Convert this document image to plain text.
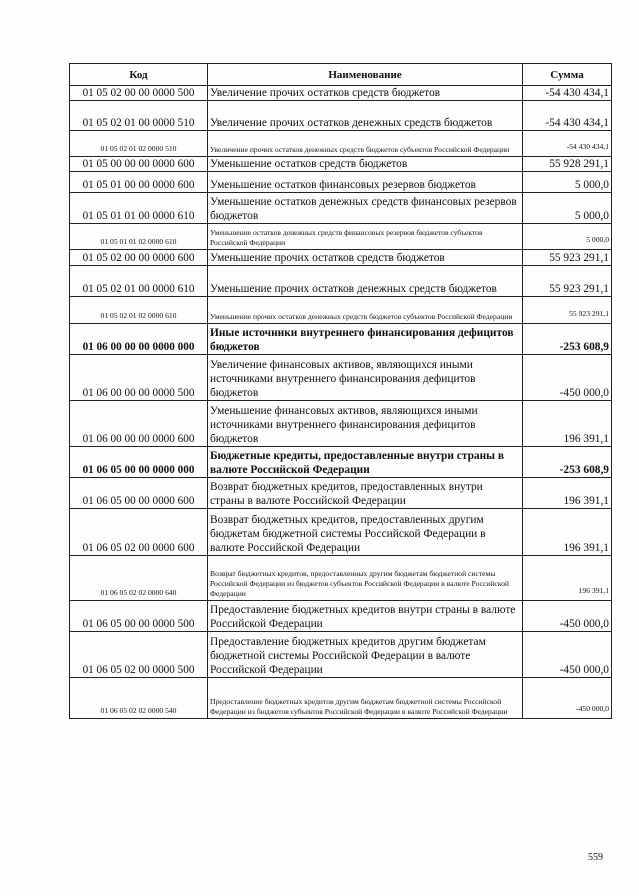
Код	Наименование	Сумма
01 05 02 00 00 0000 500	Увеличение прочих остатков средств бюджетов	-54 430 434,1
01 05 02 01 00 0000 510	Увеличение прочих остатков денежных средств бюджетов	-54 430 434,1
01 05 02 01 02 0000 510	Увеличение прочих остатков денежных средств бюджетов субъектов Российской Федерации	-54 430 434,1
01 05 00 00 00 0000 600	Уменьшение остатков средств бюджетов	55 928 291,1
01 05 01 00 00 0000 600	Уменьшение остатков финансовых резервов бюджетов	5 000,0
01 05 01 01 00 0000 610	Уменьшение остатков денежных средств финансовых резервов бюджетов	5 000,0
01 05 01 01 02 0000 610	Уменьшение остатков денежных средств финансовых резервов бюджетов субъектов Российской Федерации	5 000,0
01 05 02 00 00 0000 600	Уменьшение прочих остатков средств бюджетов	55 923 291,1
01 05 02 01 00 0000 610	Уменьшение прочих остатков денежных средств бюджетов	55 923 291,1
01 05 02 01 02 0000 610	Уменьшение прочих остатков денежных средств бюджетов субъектов Российской Федерации	55 923 291,1
01 06 00 00 00 0000 000	Иные источники внутреннего финансирования дефицитов бюджетов	-253 608,9
01 06 00 00 00 0000 500	Увеличение финансовых активов, являющихся иными источниками внутреннего финансирования дефицитов бюджетов	-450 000,0
01 06 00 00 00 0000 600	Уменьшение финансовых активов, являющихся иными источниками внутреннего финансирования дефицитов бюджетов	196 391,1
01 06 05 00 00 0000 000	Бюджетные кредиты, предоставленные внутри страны в валюте Российской Федерации	-253 608,9
01 06 05 00 00 0000 600	Возврат бюджетных кредитов, предоставленных внутри страны в валюте Российской Федерации	196 391,1
01 06 05 02 00 0000 600	Возврат бюджетных кредитов, предоставленных другим бюджетам бюджетной системы Российской Федерации в валюте Российской Федерации	196 391,1
01 06 05 02 02 0000 640	Возврат бюджетных кредитов, предоставленных другим бюджетам бюджетной системы Российской Федерации из бюджетов субъектов Российской Федерации в валюте Российской Федерации	196 391,1
01 06 05 00 00 0000 500	Предоставление бюджетных кредитов внутри страны в валюте Российской Федерации	-450 000,0
01 06 05 02 00 0000 500	Предоставление бюджетных кредитов другим бюджетам бюджетной системы Российской Федерации в валюте Российской Федерации	-450 000,0
01 06 05 02 02 0000 540	Предоставление бюджетных кредитов другим бюджетам бюджетной системы Российской Федерации из бюджетов субъектов Российской Федерации в валюте Российской Федерации	-450 000,0
559
